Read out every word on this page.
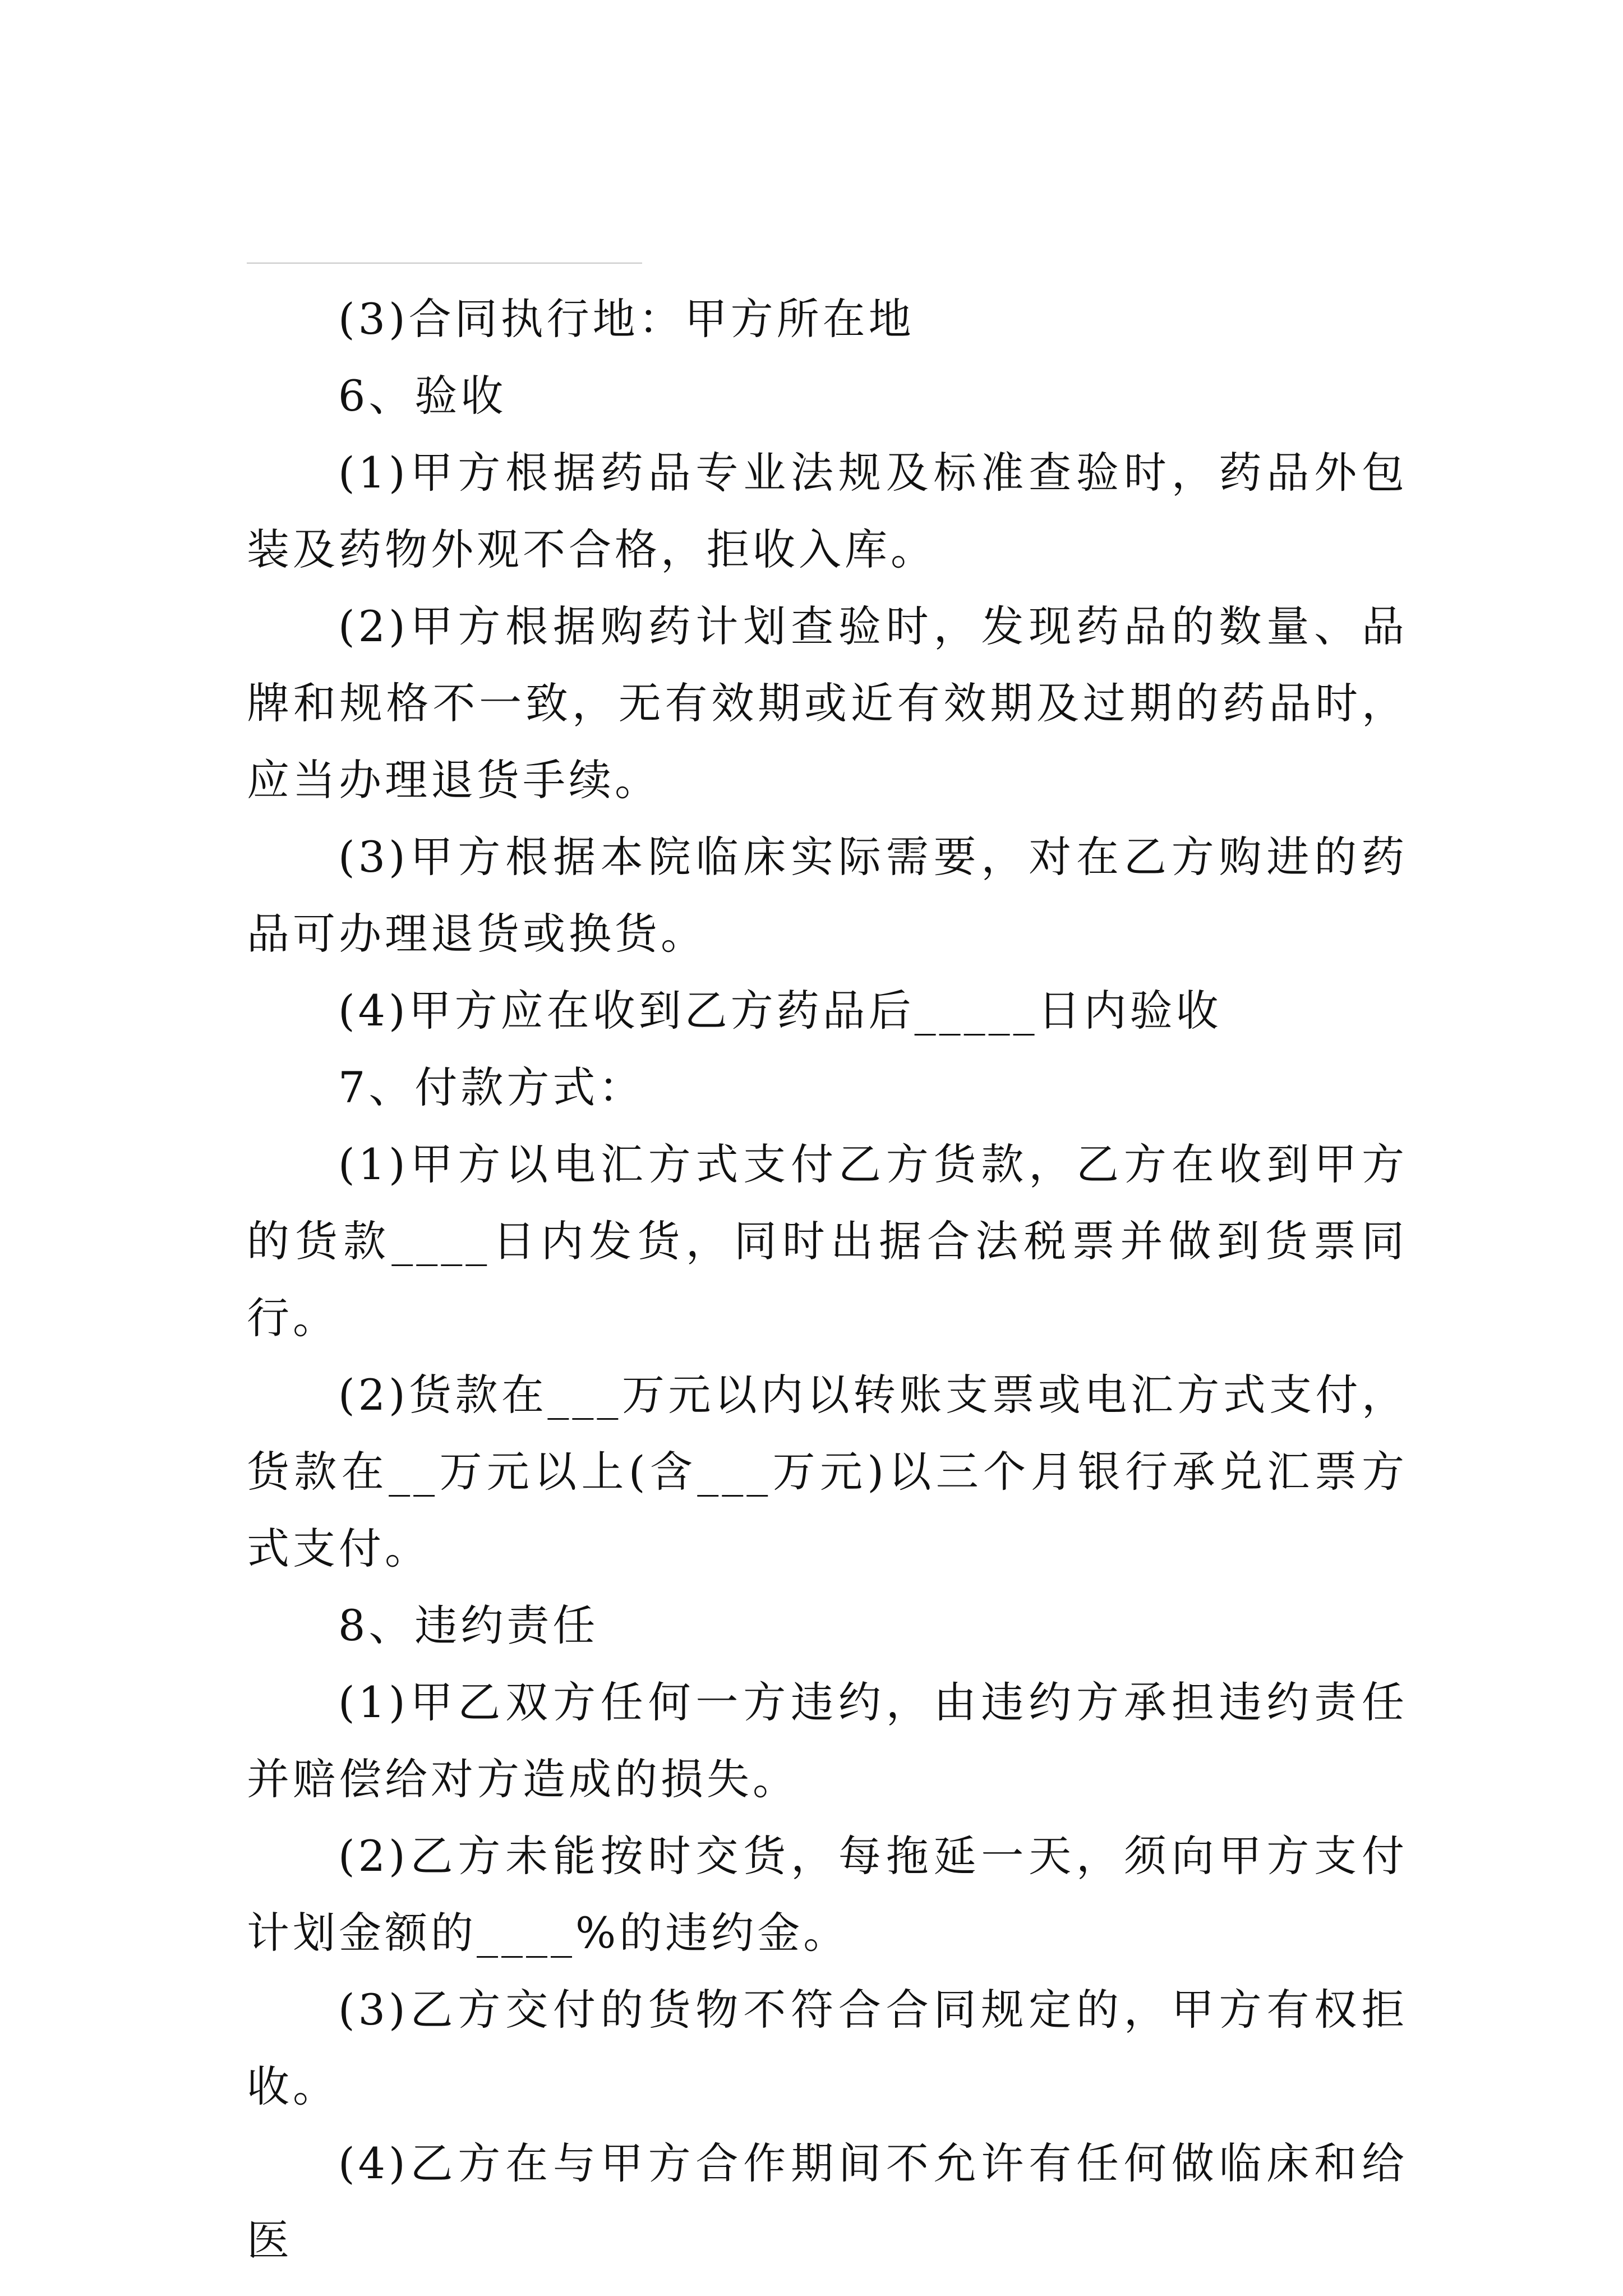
(3)合同执行地：甲方所在地

6、验收

(1)甲方根据药品专业法规及标准查验时，药品外包装及药物外观不合格，拒收入库。

(2)甲方根据购药计划查验时，发现药品的数量、品牌和规格不一致，无有效期或近有效期及过期的药品时，应当办理退货手续。

(3)甲方根据本院临床实际需要，对在乙方购进的药品可办理退货或换货。

(4)甲方应在收到乙方药品后_____日内验收

7、付款方式：

(1)甲方以电汇方式支付乙方货款，乙方在收到甲方的货款____日内发货，同时出据合法税票并做到货票同行。

(2)货款在___万元以内以转账支票或电汇方式支付，货款在__万元以上(含___万元)以三个月银行承兑汇票方式支付。

8、违约责任

(1)甲乙双方任何一方违约，由违约方承担违约责任并赔偿给对方造成的损失。

(2)乙方未能按时交货，每拖延一天，须向甲方支付计划金额的____%的违约金。

(3)乙方交付的货物不符合合同规定的，甲方有权拒收。

(4)乙方在与甲方合作期间不允许有任何做临床和给医
